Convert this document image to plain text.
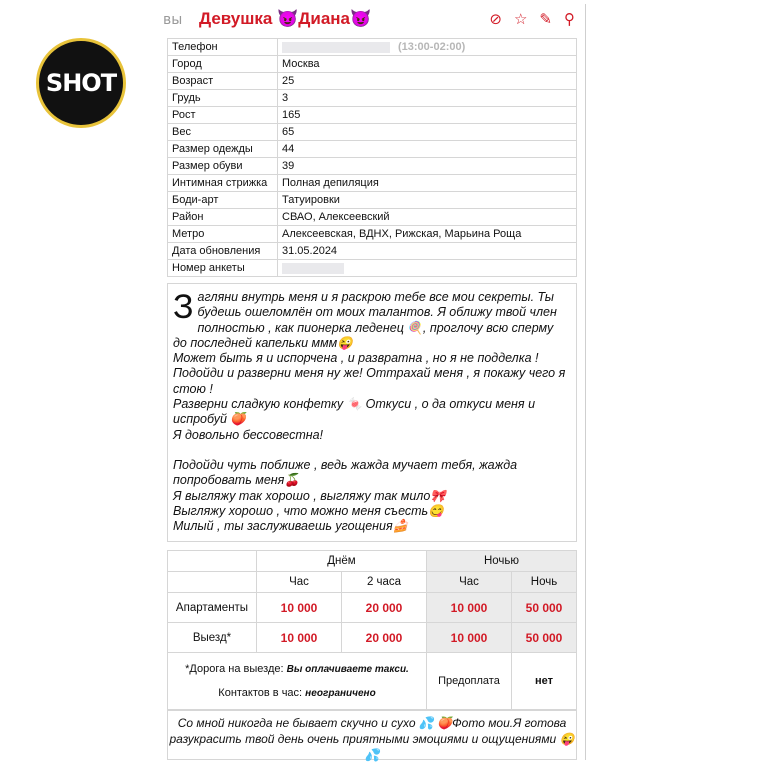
SHOT
вы Девушка 😈Диана😈	⊘ ☆ ✎ ⚲
Телефон	(13:00-02:00)
Город	Москва
Возраст	25
Грудь	3
Рост	165
Вес	65
Размер одежды	44
Размер обуви	39
Интимная стрижка	Полная депиляция
Боди-арт	Татуировки
Район	СВАО, Алексеевский
Метро	Алексеевская, ВДНХ, Рижская, Марьина Роща
Дата обновления	31.05.2024
Номер анкеты	
Загляни внутрь меня и я раскрою тебе все мои секреты. Ты будешь ошеломлён от моих талантов. Я оближу твой член полностью , как пионерка леденец 🍭, проглочу всю сперму до последней капельки ммм😜
Может быть я и испорчена , и развратна , но я не подделка !
Подойди и разверни меня ну же! Оттрахай меня , я покажу чего я стою !
Разверни сладкую конфетку 🍬 Откуси , о да откуси меня и испробуй 🍑
Я довольно бессовестна!
Подойди чуть поближе , ведь жажда мучает тебя, жажда попробовать меня🍒
Я выгляжу так хорошо , выгляжу так мило🎀
Выгляжу хорошо , что можно меня съесть😋
Милый , ты заслуживаешь угощения🍰
	Днём		Ночью	
	Час	2 часа	Час	Ночь
Апартаменты	10 000	20 000	10 000	50 000
Выезд*	10 000	20 000	10 000	50 000
*Дорога на выезде: Вы оплачиваете такси.

Контактов в час: неограничено			Предоплата	нет
Со мной никогда не бывает скучно и сухо 💦 🍑Фото мои.Я готова разукрасить твой день очень приятными эмоциями и ощущениями 😜💦
